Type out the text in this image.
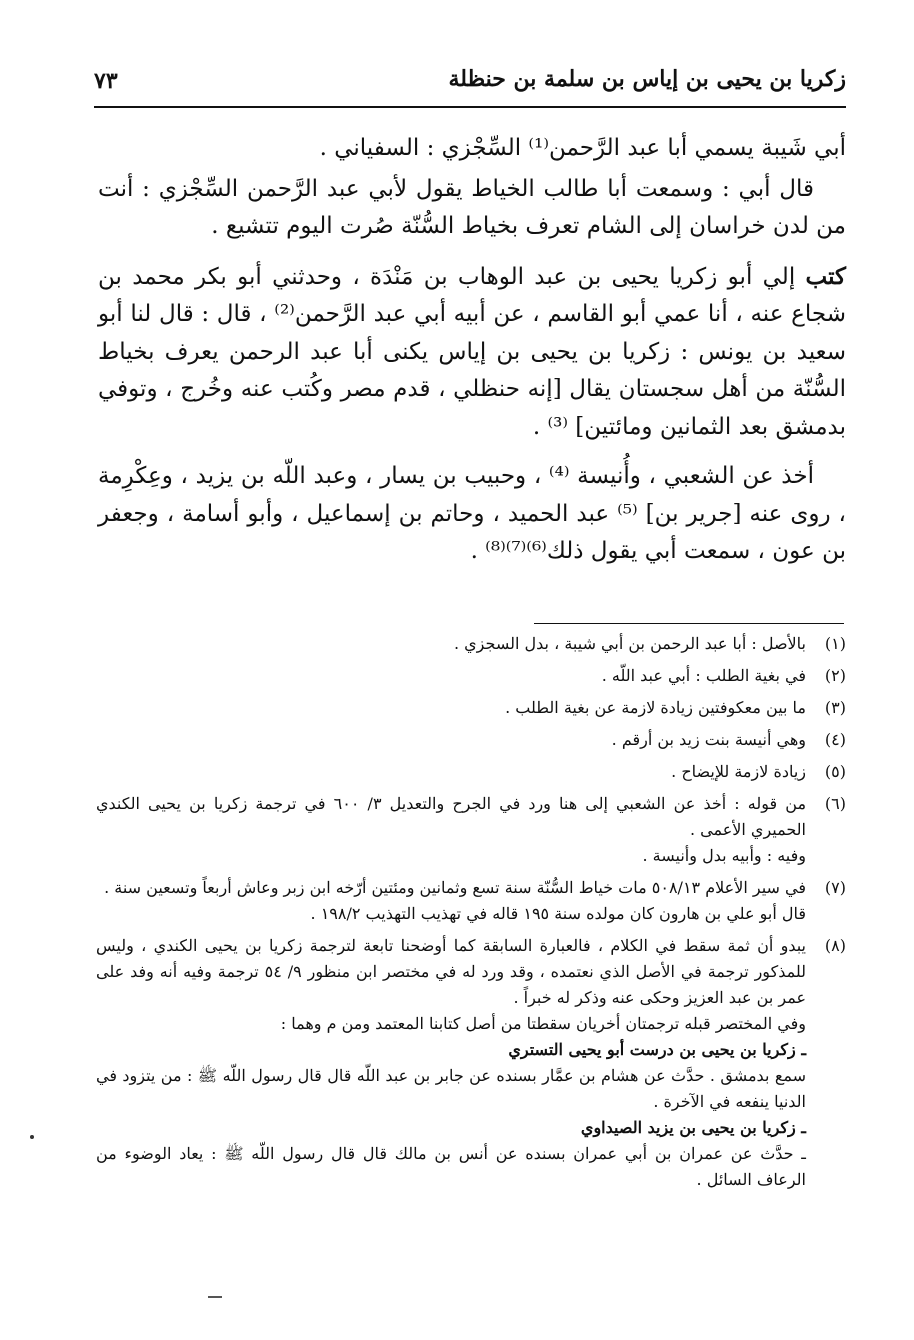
زكريا بن يحيى بن إياس بن سلمة بن حنظلة
٧٣

أبي شَيبة يسمي أبا عبد الرَّحمن⁽¹⁾ السِّجْزي : السفياني .

قال أبي : وسمعت أبا طالب الخياط يقول لأبي عبد الرَّحمن السِّجْزي : أنت من لدن خراسان إلى الشام تعرف بخياط السُّنّة صُرت اليوم تتشيع .

كتب إلي أبو زكريا يحيى بن عبد الوهاب بن مَنْدَة ، وحدثني أبو بكر محمد بن شجاع عنه ، أنا عمي أبو القاسم ، عن أبيه أبي عبد الرَّحمن⁽²⁾ ، قال : قال لنا أبو سعيد بن يونس : زكريا بن يحيى بن إياس يكنى أبا عبد الرحمن يعرف بخياط السُّنّة من أهل سجستان يقال [إنه حنظلي ، قدم مصر وكُتب عنه وخُرج ، وتوفي بدمشق بعد الثمانين ومائتين] ⁽³⁾ .

أخذ عن الشعبي ، وأُنيسة ⁽⁴⁾ ، وحبيب بن يسار ، وعبد اللّه بن يزيد ، وعِكْرِمة ، روى عنه [جرير بن] ⁽⁵⁾ عبد الحميد ، وحاتم بن إسماعيل ، وأبو أسامة ، وجعفر بن عون ، سمعت أبي يقول ذلك⁽⁶⁾⁽⁷⁾⁽⁸⁾ .

(١)
بالأصل : أبا عبد الرحمن بن أبي شيبة ، بدل السجزي .
(٢)
في بغية الطلب : أبي عبد اللّه .
(٣)
ما بين معكوفتين زيادة لازمة عن بغية الطلب .
(٤)
وهي أنيسة بنت زيد بن أرقم .
(٥)
زيادة لازمة للإيضاح .
(٦)
من قوله : أخذ عن الشعبي إلى هنا ورد في الجرح والتعديل ٣/ ٦٠٠ في ترجمة زكريا بن يحيى الكندي الحميري الأعمى .
وفيه : وأبيه بدل وأنيسة .
(٧)
في سير الأعلام ٥٠٨/١٣ مات خياط السُّنّة سنة تسع وثمانين ومئتين أرّخه ابن زبر وعاش أربعاً وتسعين سنة .
قال أبو علي بن هارون كان مولده سنة ١٩٥ قاله في تهذيب التهذيب ١٩٨/٢ .
(٨)
يبدو أن ثمة سقط في الكلام ، فالعبارة السابقة كما أوضحنا تابعة لترجمة زكريا بن يحيى الكندي ، وليس للمذكور ترجمة في الأصل الذي نعتمده ، وقد ورد له في مختصر ابن منظور ٩/ ٥٤ ترجمة وفيه أنه وفد على عمر بن عبد العزيز وحكى عنه وذكر له خبراً .
وفي المختصر قبله ترجمتان أخريان سقطتا من أصل كتابنا المعتمد ومن م وهما :
ـ زكريا بن يحيى بن درست أبو يحيى التستري
سمع بدمشق . حدَّث عن هشام بن عمَّار بسنده عن جابر بن عبد اللّه قال قال رسول اللّه ﷺ : من يتزود في الدنيا ينفعه في الآخرة .
ـ زكريا بن يحيى بن يزيد الصيداوي
ـ حدَّث عن عمران بن أبي عمران بسنده عن أنس بن مالك قال قال رسول اللّه ﷺ : يعاد الوضوء من الرعاف السائل .
